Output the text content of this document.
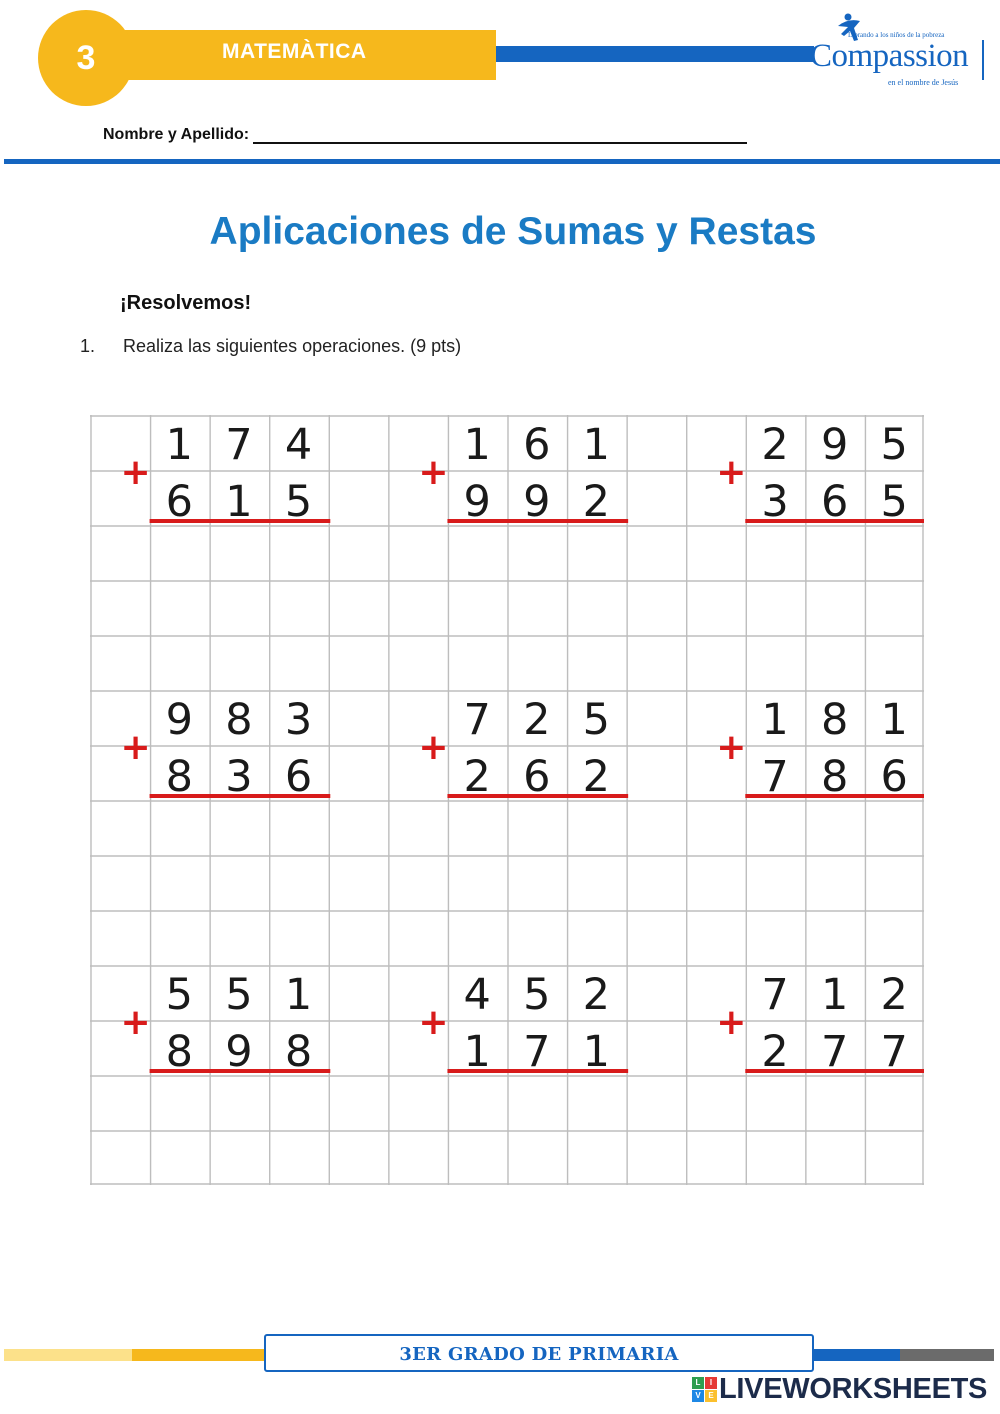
3	MATEMÀTICA
Librando a los niños de la pobreza
Compassion
en el nombre de Jesús
Nombre y Apellido:
Aplicaciones de Sumas y Restas
¡Resolvemos!
1. Realiza las siguientes operaciones. (9 pts)
+
1 7 4
6 1 5
+
1 6 1
9 9 2
+
2 9 5
3 6 5
+
9 8 3
8 3 6
+
7 2 5
2 6 2
+
1 8 1
7 8 6
+
5 5 1
8 9 8
+
4 5 2
1 7 1
+
7 1 2
2 7 7
3ER GRADO DE PRIMARIA
L	I
V E LIVEWORKSHEETS
